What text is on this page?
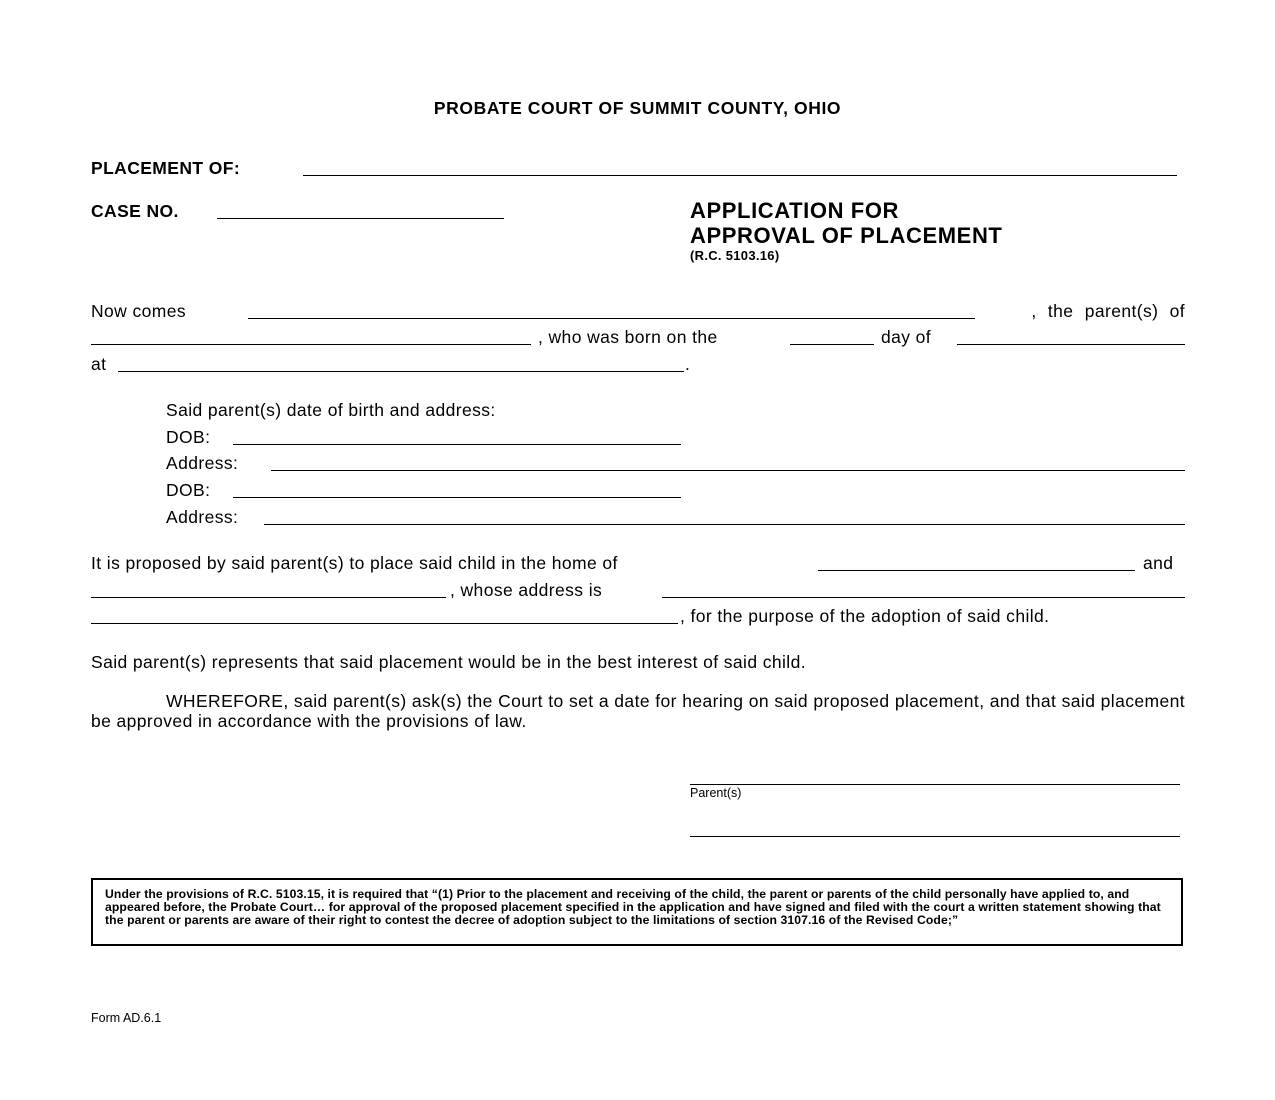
PROBATE COURT OF SUMMIT COUNTY, OHIO
PLACEMENT OF:
CASE NO.	APPLICATION FOR
APPROVAL OF PLACEMENT
(R.C. 5103.16)
Now comes	, the parent(s) of
, who was born on the	day of
at	.
Said parent(s) date of birth and address:
DOB:
Address:
DOB:
Address:
It is proposed by said parent(s) to place said child in the home of	and
, whose address is
, for the purpose of the adoption of said child.
Said parent(s) represents that said placement would be in the best interest of said child.
WHEREFORE, said parent(s) ask(s) the Court to set a date for hearing on said proposed placement, and that said placement be approved in accordance with the provisions of law.
Parent(s)
Under the provisions of R.C. 5103.15, it is required that “(1) Prior to the placement and receiving of the child, the parent or parents of the child personally have applied to, and appeared before, the Probate Court… for approval of the proposed placement specified in the application and have signed and filed with the court a written statement showing that the parent or parents are aware of their right to contest the decree of adoption subject to the limitations of section 3107.16 of the Revised Code;”
Form AD.6.1
